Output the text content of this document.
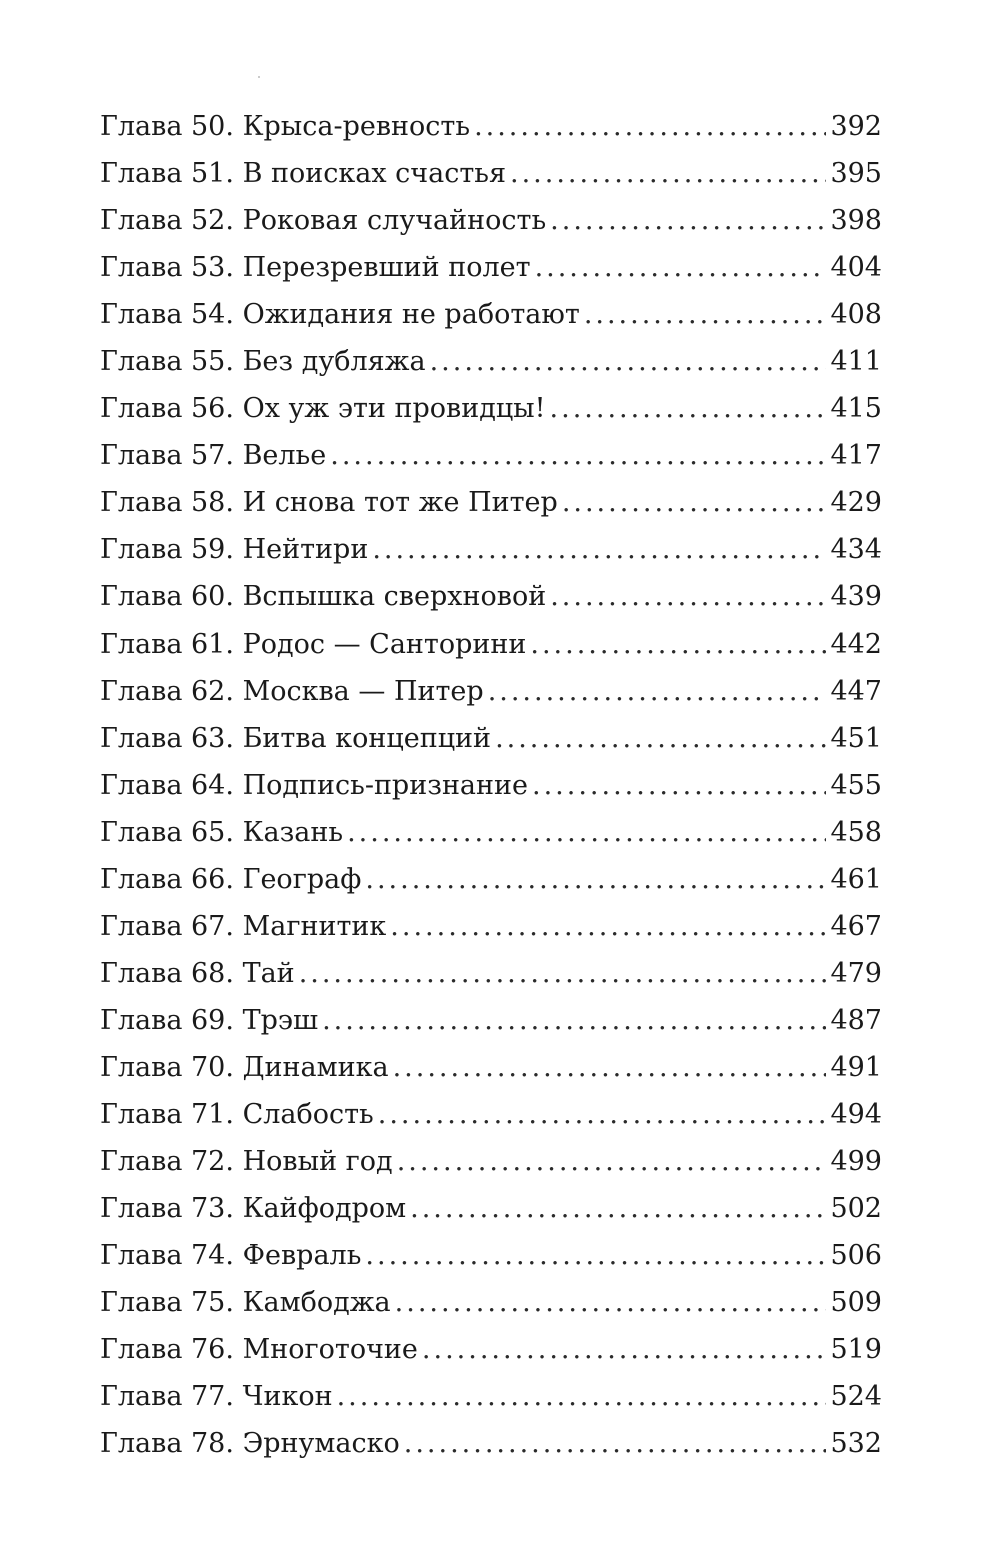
Глава 50. Крыса-ревность .....	392
Глава 51. В поисках счастья .....	395
Глава 52. Роковая случайность .....	398
Глава 53. Перезревший полет .....	404
Глава 54. Ожидания не работают .....	408
Глава 55. Без дубляжа .....	411
Глава 56. Ох уж эти провидцы! .....	415
Глава 57. Велье .....	417
Глава 58. И снова тот же Питер .....	429
Глава 59. Нейтири .....	434
Глава 60. Вспышка сверхновой .....	439
Глава 61. Родос — Санторини .....	442
Глава 62. Москва — Питер .....	447
Глава 63. Битва концепций .....	451
Глава 64. Подпись-признание .....	455
Глава 65. Казань .....	458
Глава 66. Географ .....	461
Глава 67. Магнитик .....	467
Глава 68. Тай .....	479
Глава 69. Трэш .....	487
Глава 70. Динамика .....	491
Глава 71. Слабость .....	494
Глава 72. Новый год .....	499
Глава 73. Кайфодром .....	502
Глава 74. Февраль .....	506
Глава 75. Камбоджа .....	509
Глава 76. Многоточие .....	519
Глава 77. Чикон .....	524
Глава 78. Эрнумаско .....	532
